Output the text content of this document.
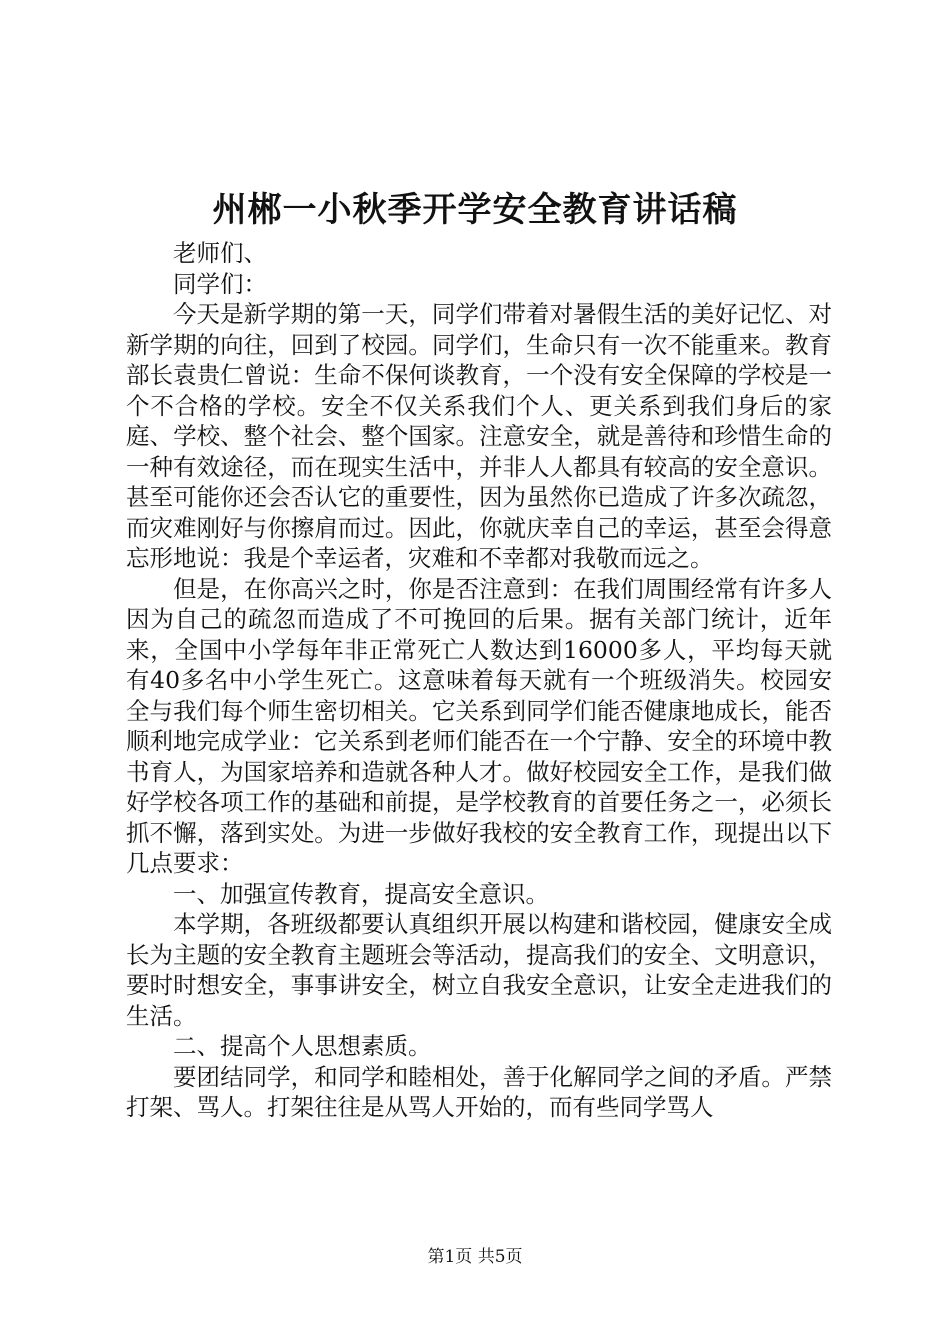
州郴一小秋季开学安全教育讲话稿

老师们、

同学们：

今天是新学期的第一天，同学们带着对暑假生活的美好记忆、对新学期的向往，回到了校园。同学们，生命只有一次不能重来。教育部长袁贵仁曾说：生命不保何谈教育，一个没有安全保障的学校是一个不合格的学校。安全不仅关系我们个人、更关系到我们身后的家庭、学校、整个社会、整个国家。注意安全，就是善待和珍惜生命的一种有效途径，而在现实生活中，并非人人都具有较高的安全意识。甚至可能你还会否认它的重要性，因为虽然你已造成了许多次疏忽，而灾难刚好与你擦肩而过。因此，你就庆幸自己的幸运，甚至会得意忘形地说：我是个幸运者，灾难和不幸都对我敬而远之。

但是，在你高兴之时，你是否注意到：在我们周围经常有许多人因为自己的疏忽而造成了不可挽回的后果。据有关部门统计，近年来，全国中小学每年非正常死亡人数达到16000多人，平均每天就有40多名中小学生死亡。这意味着每天就有一个班级消失。校园安全与我们每个师生密切相关。它关系到同学们能否健康地成长，能否顺利地完成学业：它关系到老师们能否在一个宁静、安全的环境中教书育人，为国家培养和造就各种人才。做好校园安全工作，是我们做好学校各项工作的基础和前提，是学校教育的首要任务之一，必须长抓不懈，落到实处。为进一步做好我校的安全教育工作，现提出以下几点要求：

一、加强宣传教育，提高安全意识。

本学期，各班级都要认真组织开展以构建和谐校园，健康安全成长为主题的安全教育主题班会等活动，提高我们的安全、文明意识，要时时想安全，事事讲安全，树立自我安全意识，让安全走进我们的生活。

二、提高个人思想素质。

要团结同学，和同学和睦相处，善于化解同学之间的矛盾。严禁打架、骂人。打架往往是从骂人开始的，而有些同学骂人

第1页 共5页
